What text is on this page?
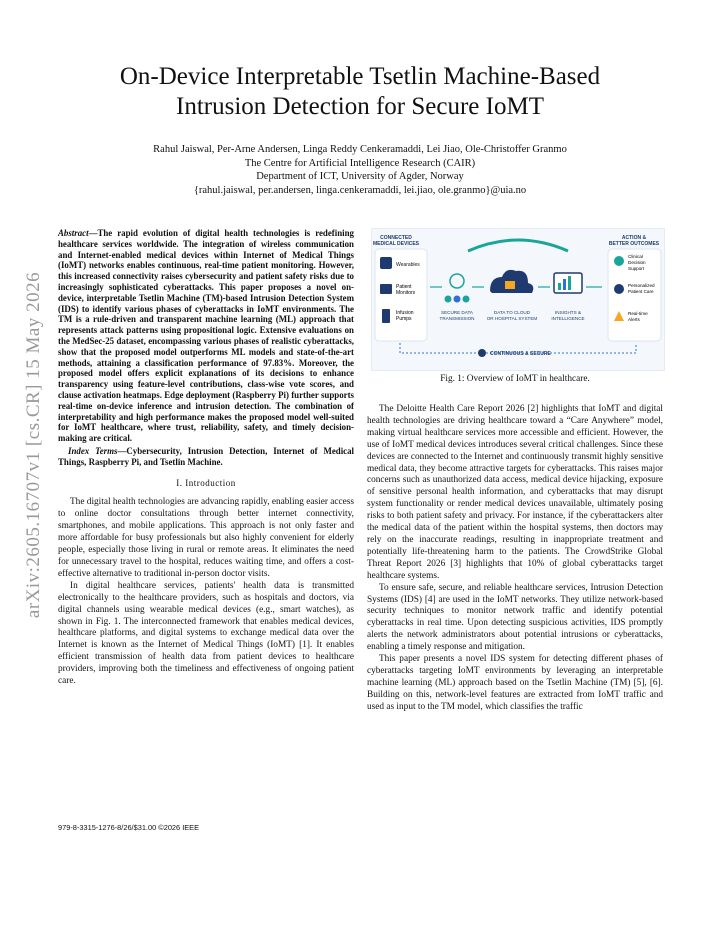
arXiv:2605.16707v1 [cs.CR] 15 May 2026
On-Device Interpretable Tsetlin Machine-Based
Intrusion Detection for Secure IoMT
Rahul Jaiswal, Per-Arne Andersen, Linga Reddy Cenkeramaddi, Lei Jiao, Ole-Christoffer Granmo
The Centre for Artificial Intelligence Research (CAIR)
Department of ICT, University of Agder, Norway
{rahul.jaiswal, per.andersen, linga.cenkeramaddi, lei.jiao, ole.granmo}@uia.no
Abstract—The rapid evolution of digital health technologies is redefining healthcare services worldwide. The integration of wireless communication and Internet-enabled medical devices within Internet of Medical Things (IoMT) networks enables continuous, real-time patient monitoring. However, this increased connectivity raises cybersecurity and patient safety risks due to increasingly sophisticated cyberattacks. This paper proposes a novel on-device, interpretable Tsetlin Machine (TM)-based Intrusion Detection System (IDS) to identify various phases of cyberattacks in IoMT environments. The TM is a rule-driven and transparent machine learning (ML) approach that represents attack patterns using propositional logic. Extensive evaluations on the MedSec-25 dataset, encompassing various phases of realistic cyberattacks, show that the proposed model outperforms ML models and state-of-the-art methods, attaining a classification performance of 97.83%. Moreover, the proposed model offers explicit explanations of its decisions to enhance transparency using feature-level contributions, class-wise vote scores, and clause activation heatmaps. Edge deployment (Raspberry Pi) further supports real-time on-device inference and intrusion detection. The combination of interpretability and high performance makes the proposed model well-suited for IoMT healthcare, where trust, reliability, safety, and timely decision-making are critical.
Index Terms—Cybersecurity, Intrusion Detection, Internet of Medical Things, Raspberry Pi, and Tsetlin Machine.
I. Introduction

The digital health technologies are advancing rapidly, enabling easier access to online doctor consultations through better internet connectivity, smartphones, and mobile applications. This approach is not only faster and more affordable for busy professionals but also highly convenient for elderly people, especially those living in rural or remote areas. It eliminates the need for unnecessary travel to the hospital, reduces waiting time, and offers a cost-effective alternative to traditional in-person doctor visits.

In digital healthcare services, patients' health data is transmitted electronically to the healthcare providers, such as hospitals and doctors, via digital channels using wearable medical devices (e.g., smart watches), as shown in Fig. 1. The interconnected framework that enables medical devices, healthcare platforms, and digital systems to exchange medical data over the Internet is known as the Internet of Medical Things (IoMT) [1]. It enables efficient transmission of health data from patient devices to healthcare providers, improving both the timeliness and effectiveness of ongoing patient care.

979-8-3315-1276-8/26/$31.00 ©2026 IEEE
CONNECTED
MEDICAL DEVICES
ACTION &
BETTER OUTCOMES
Wearables
Patient
Monitors
Infusion
Pumps
SECURE DATA
TRANSMISSION
DATA TO CLOUD
OR HOSPITAL SYSTEM
INSIGHTS &
INTELLIGENCE
Clinical
Decision
Support
Personalized
Patient Care
Real-time
Alerts
CONTINUOUS & SECURE
Fig. 1: Overview of IoMT in healthcare.

The Deloitte Health Care Report 2026 [2] highlights that IoMT and digital health technologies are driving healthcare toward a “Care Anywhere” model, making virtual healthcare services more accessible and efficient. However, the use of IoMT medical devices introduces several critical challenges. Since these devices are connected to the Internet and continuously transmit highly sensitive medical data, they become attractive targets for cyberattacks. This raises major concerns such as unauthorized data access, medical device hijacking, exposure of sensitive personal health information, and cyberattacks that may disrupt system functionality or render medical devices unavailable, ultimately posing risks to both patient safety and privacy. For instance, if the cyberattackers alter the medical data of the patient within the hospital systems, then doctors may rely on the inaccurate readings, resulting in inappropriate treatment and potentially life-threatening harm to the patients. The CrowdStrike Global Threat Report 2026 [3] highlights that 10% of global cyberattacks target healthcare systems.

To ensure safe, secure, and reliable healthcare services, Intrusion Detection Systems (IDS) [4] are used in the IoMT networks. They utilize network-based security techniques to monitor network traffic and identify potential cyberattacks in real time. Upon detecting suspicious activities, IDS promptly alerts the network administrators about potential intrusions or cyberattacks, enabling a timely response and mitigation.

This paper presents a novel IDS system for detecting different phases of cyberattacks targeting IoMT environments by leveraging an interpretable machine learning (ML) approach based on the Tsetlin Machine (TM) [5], [6]. Building on this, network-level features are extracted from IoMT traffic and used as input to the TM model, which classifies the traffic
